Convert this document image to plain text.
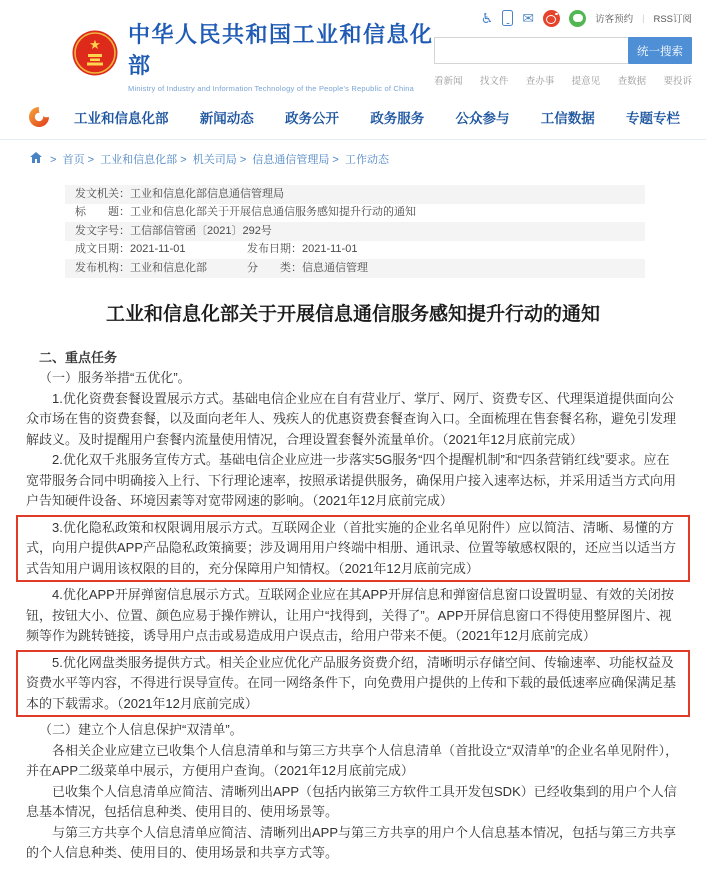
★ 中华人民共和国工业和信息化部
Ministry of Industry and Information Technology of the People's Republic of China
♿ ✉	访客预约 | RSS订阅
统一搜索
看新闻 找文件 查办事 提意见 查数据 要投诉
工业和信息化部 新闻动态 政务公开 政务服务 公众参与 工信数据 专题专栏
>  首页 >  工业和信息化部 >  机关司局 >  信息通信管理局 >  工作动态
发文机关 ： 工业和信息化部信息通信管理局
标　　题 ： 工业和信息化部关于开展信息通信服务感知提升行动的通知
发文字号 ： 工信部信管函〔2021〕292号
成文日期 ： 2021-11-01	发布日期 ： 2021-11-01
发布机构 ： 工业和信息化部	分　　类 ： 信息通信管理
工业和信息化部关于开展信息通信服务感知提升行动的通知

二、重点任务

（一）服务举措“五优化”。

1.优化资费套餐设置展示方式。基础电信企业应在自有营业厅、掌厅、网厅、资费专区、代理渠道提供面向公众市场在售的资费套餐，以及面向老年人、残疾人的优惠资费套餐查询入口。全面梳理在售套餐名称，避免引发理解歧义。及时提醒用户套餐内流量使用情况，合理设置套餐外流量单价。（2021年12月底前完成）

2.优化双千兆服务宣传方式。基础电信企业应进一步落实5G服务“四个提醒机制”和“四条营销红线”要求。应在宽带服务合同中明确接入上行、下行理论速率，按照承诺提供服务，确保用户接入速率达标，并采用适当方式向用户告知硬件设备、环境因素等对宽带网速的影响。（2021年12月底前完成）

3.优化隐私政策和权限调用展示方式。互联网企业（首批实施的企业名单见附件）应以简洁、清晰、易懂的方式，向用户提供APP产品隐私政策摘要；涉及调用用户终端中相册、通讯录、位置等敏感权限的，还应当以适当方式告知用户调用该权限的目的，充分保障用户知情权。（2021年12月底前完成）

4.优化APP开屏弹窗信息展示方式。互联网企业应在其APP开屏信息和弹窗信息窗口设置明显、有效的关闭按钮，按钮大小、位置、颜色应易于操作辨认，让用户“找得到，关得了”。APP开屏信息窗口不得使用整屏图片、视频等作为跳转链接，诱导用户点击或易造成用户误点击，给用户带来不便。（2021年12月底前完成）

5.优化网盘类服务提供方式。相关企业应优化产品服务资费介绍，清晰明示存储空间、传输速率、功能权益及资费水平等内容，不得进行误导宣传。在同一网络条件下，向免费用户提供的上传和下载的最低速率应确保满足基本的下载需求。（2021年12月底前完成）

（二）建立个人信息保护“双清单”。

各相关企业应建立已收集个人信息清单和与第三方共享个人信息清单（首批设立“双清单”的企业名单见附件），并在APP二级菜单中展示，方便用户查询。（2021年12月底前完成）

已收集个人信息清单应简洁、清晰列出APP（包括内嵌第三方软件工具开发包SDK）已经收集到的用户个人信息基本情况，包括信息种类、使用目的、使用场景等。

与第三方共享个人信息清单应简洁、清晰列出APP与第三方共享的用户个人信息基本情况，包括与第三方共享的个人信息种类、使用目的、使用场景和共享方式等。
